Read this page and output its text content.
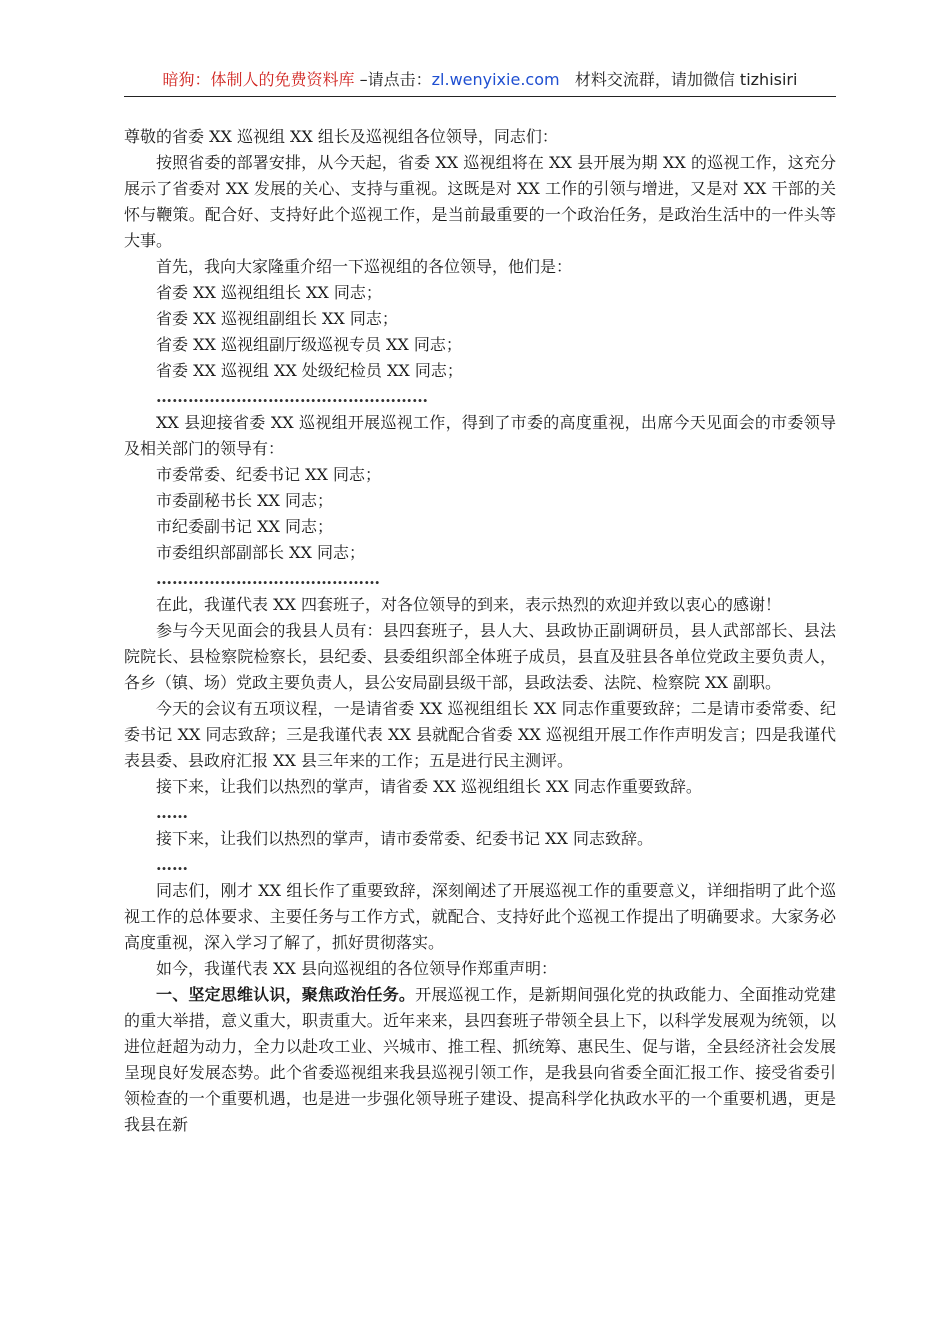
暗狗：体制人的免费资料库 –请点击：zl.wenyixie.com 材料交流群，请加微信 tizhisiri

尊敬的省委 XX 巡视组 XX 组长及巡视组各位领导，同志们：

按照省委的部署安排，从今天起，省委 XX 巡视组将在 XX 县开展为期 XX 的巡视工作，这充分展示了省委对 XX 发展的关心、支持与重视。这既是对 XX 工作的引领与增进，又是对 XX 干部的关怀与鞭策。配合好、支持好此个巡视工作，是当前最重要的一个政治任务，是政治生活中的一件头等大事。

首先，我向大家隆重介绍一下巡视组的各位领导，他们是：

省委 XX 巡视组组长 XX 同志；

省委 XX 巡视组副组长 XX 同志；

省委 XX 巡视组副厅级巡视专员 XX 同志；

省委 XX 巡视组 XX 处级纪检员 XX 同志；

……………………………………………

XX 县迎接省委 XX 巡视组开展巡视工作，得到了市委的高度重视，出席今天见面会的市委领导及相关部门的领导有：

市委常委、纪委书记 XX 同志；

市委副秘书长 XX 同志；

市纪委副书记 XX 同志；

市委组织部副部长 XX 同志；

……………………………………

在此，我谨代表 XX 四套班子，对各位领导的到来，表示热烈的欢迎并致以衷心的感谢！

参与今天见面会的我县人员有：县四套班子，县人大、县政协正副调研员，县人武部部长、县法院院长、县检察院检察长，县纪委、县委组织部全体班子成员，县直及驻县各单位党政主要负责人，各乡（镇、场）党政主要负责人，县公安局副县级干部，县政法委、法院、检察院 XX 副职。

今天的会议有五项议程，一是请省委 XX 巡视组组长 XX 同志作重要致辞；二是请市委常委、纪委书记 XX 同志致辞；三是我谨代表 XX 县就配合省委 XX 巡视组开展工作作声明发言；四是我谨代表县委、县政府汇报 XX 县三年来的工作；五是进行民主测评。

接下来，让我们以热烈的掌声，请省委 XX 巡视组组长 XX 同志作重要致辞。

……

接下来，让我们以热烈的掌声，请市委常委、纪委书记 XX 同志致辞。

……

同志们，刚才 XX 组长作了重要致辞，深刻阐述了开展巡视工作的重要意义，详细指明了此个巡视工作的总体要求、主要任务与工作方式，就配合、支持好此个巡视工作提出了明确要求。大家务必高度重视，深入学习了解了，抓好贯彻落实。

如今，我谨代表 XX 县向巡视组的各位领导作郑重声明：

一、坚定思维认识，聚焦政治任务。开展巡视工作，是新期间强化党的执政能力、全面推动党建的重大举措，意义重大，职责重大。近年来来，县四套班子带领全县上下，以科学发展观为统领，以进位赶超为动力，全力以赴攻工业、兴城市、推工程、抓统筹、惠民生、促与谐，全县经济社会发展呈现良好发展态势。此个省委巡视组来我县巡视引领工作，是我县向省委全面汇报工作、接受省委引领检查的一个重要机遇，也是进一步强化领导班子建设、提高科学化执政水平的一个重要机遇，更是我县在新
